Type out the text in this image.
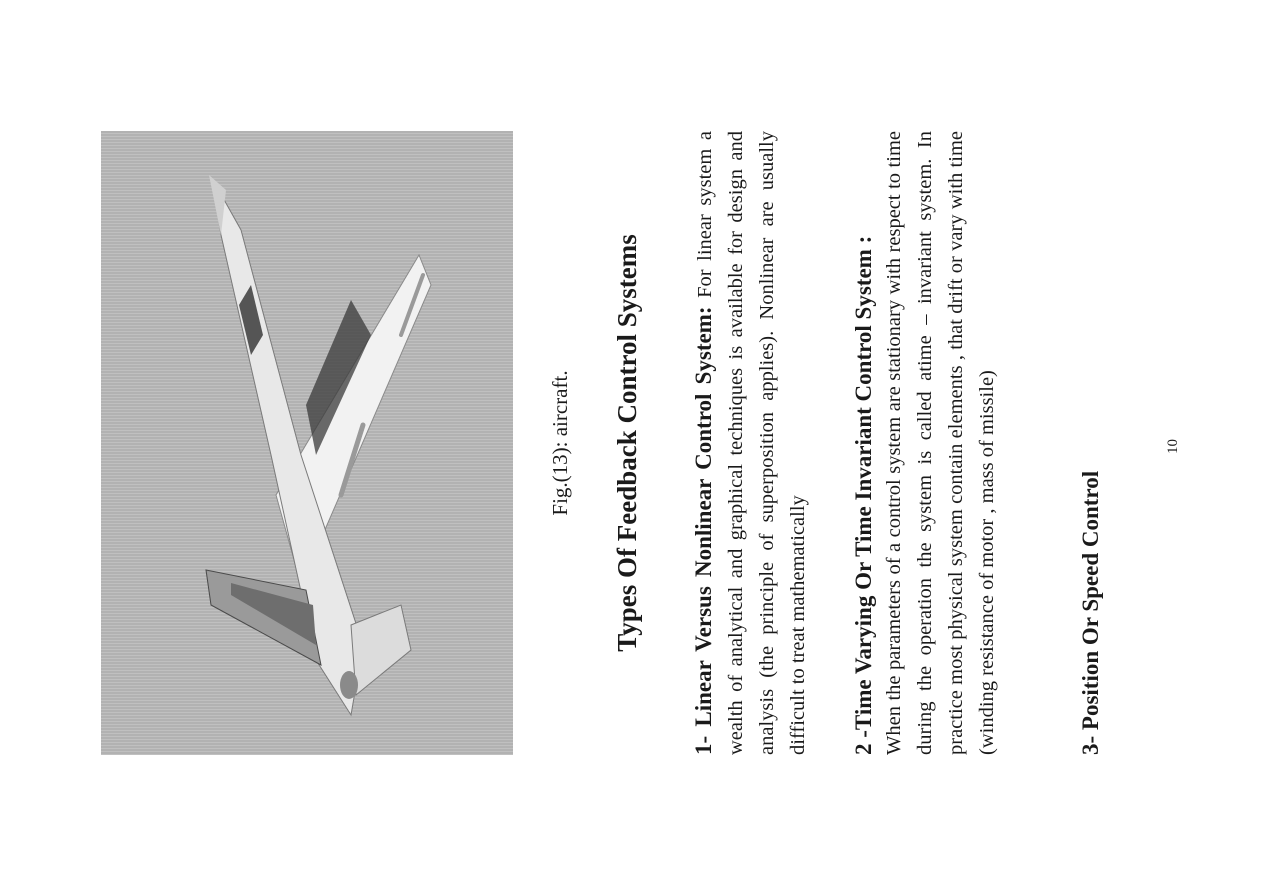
Fig.(13): aircraft. Types Of Feedback Control Systems 1- Linear Versus Nonlinear Control System: For linear system a wealth of analytical and graphical techniques is available for design and analysis (the principle of superposition applies). Nonlinear are usually difficult to treat mathematically 2 -Time Varying Or Time Invariant Control System : When the parameters of a control system are stationary with respect to time during the operation the system is called atime – invariant system. In practice most physical system contain elements , that drift or vary with time (winding resistance of motor , mass of missile)	3- Position Or Speed Control
10
